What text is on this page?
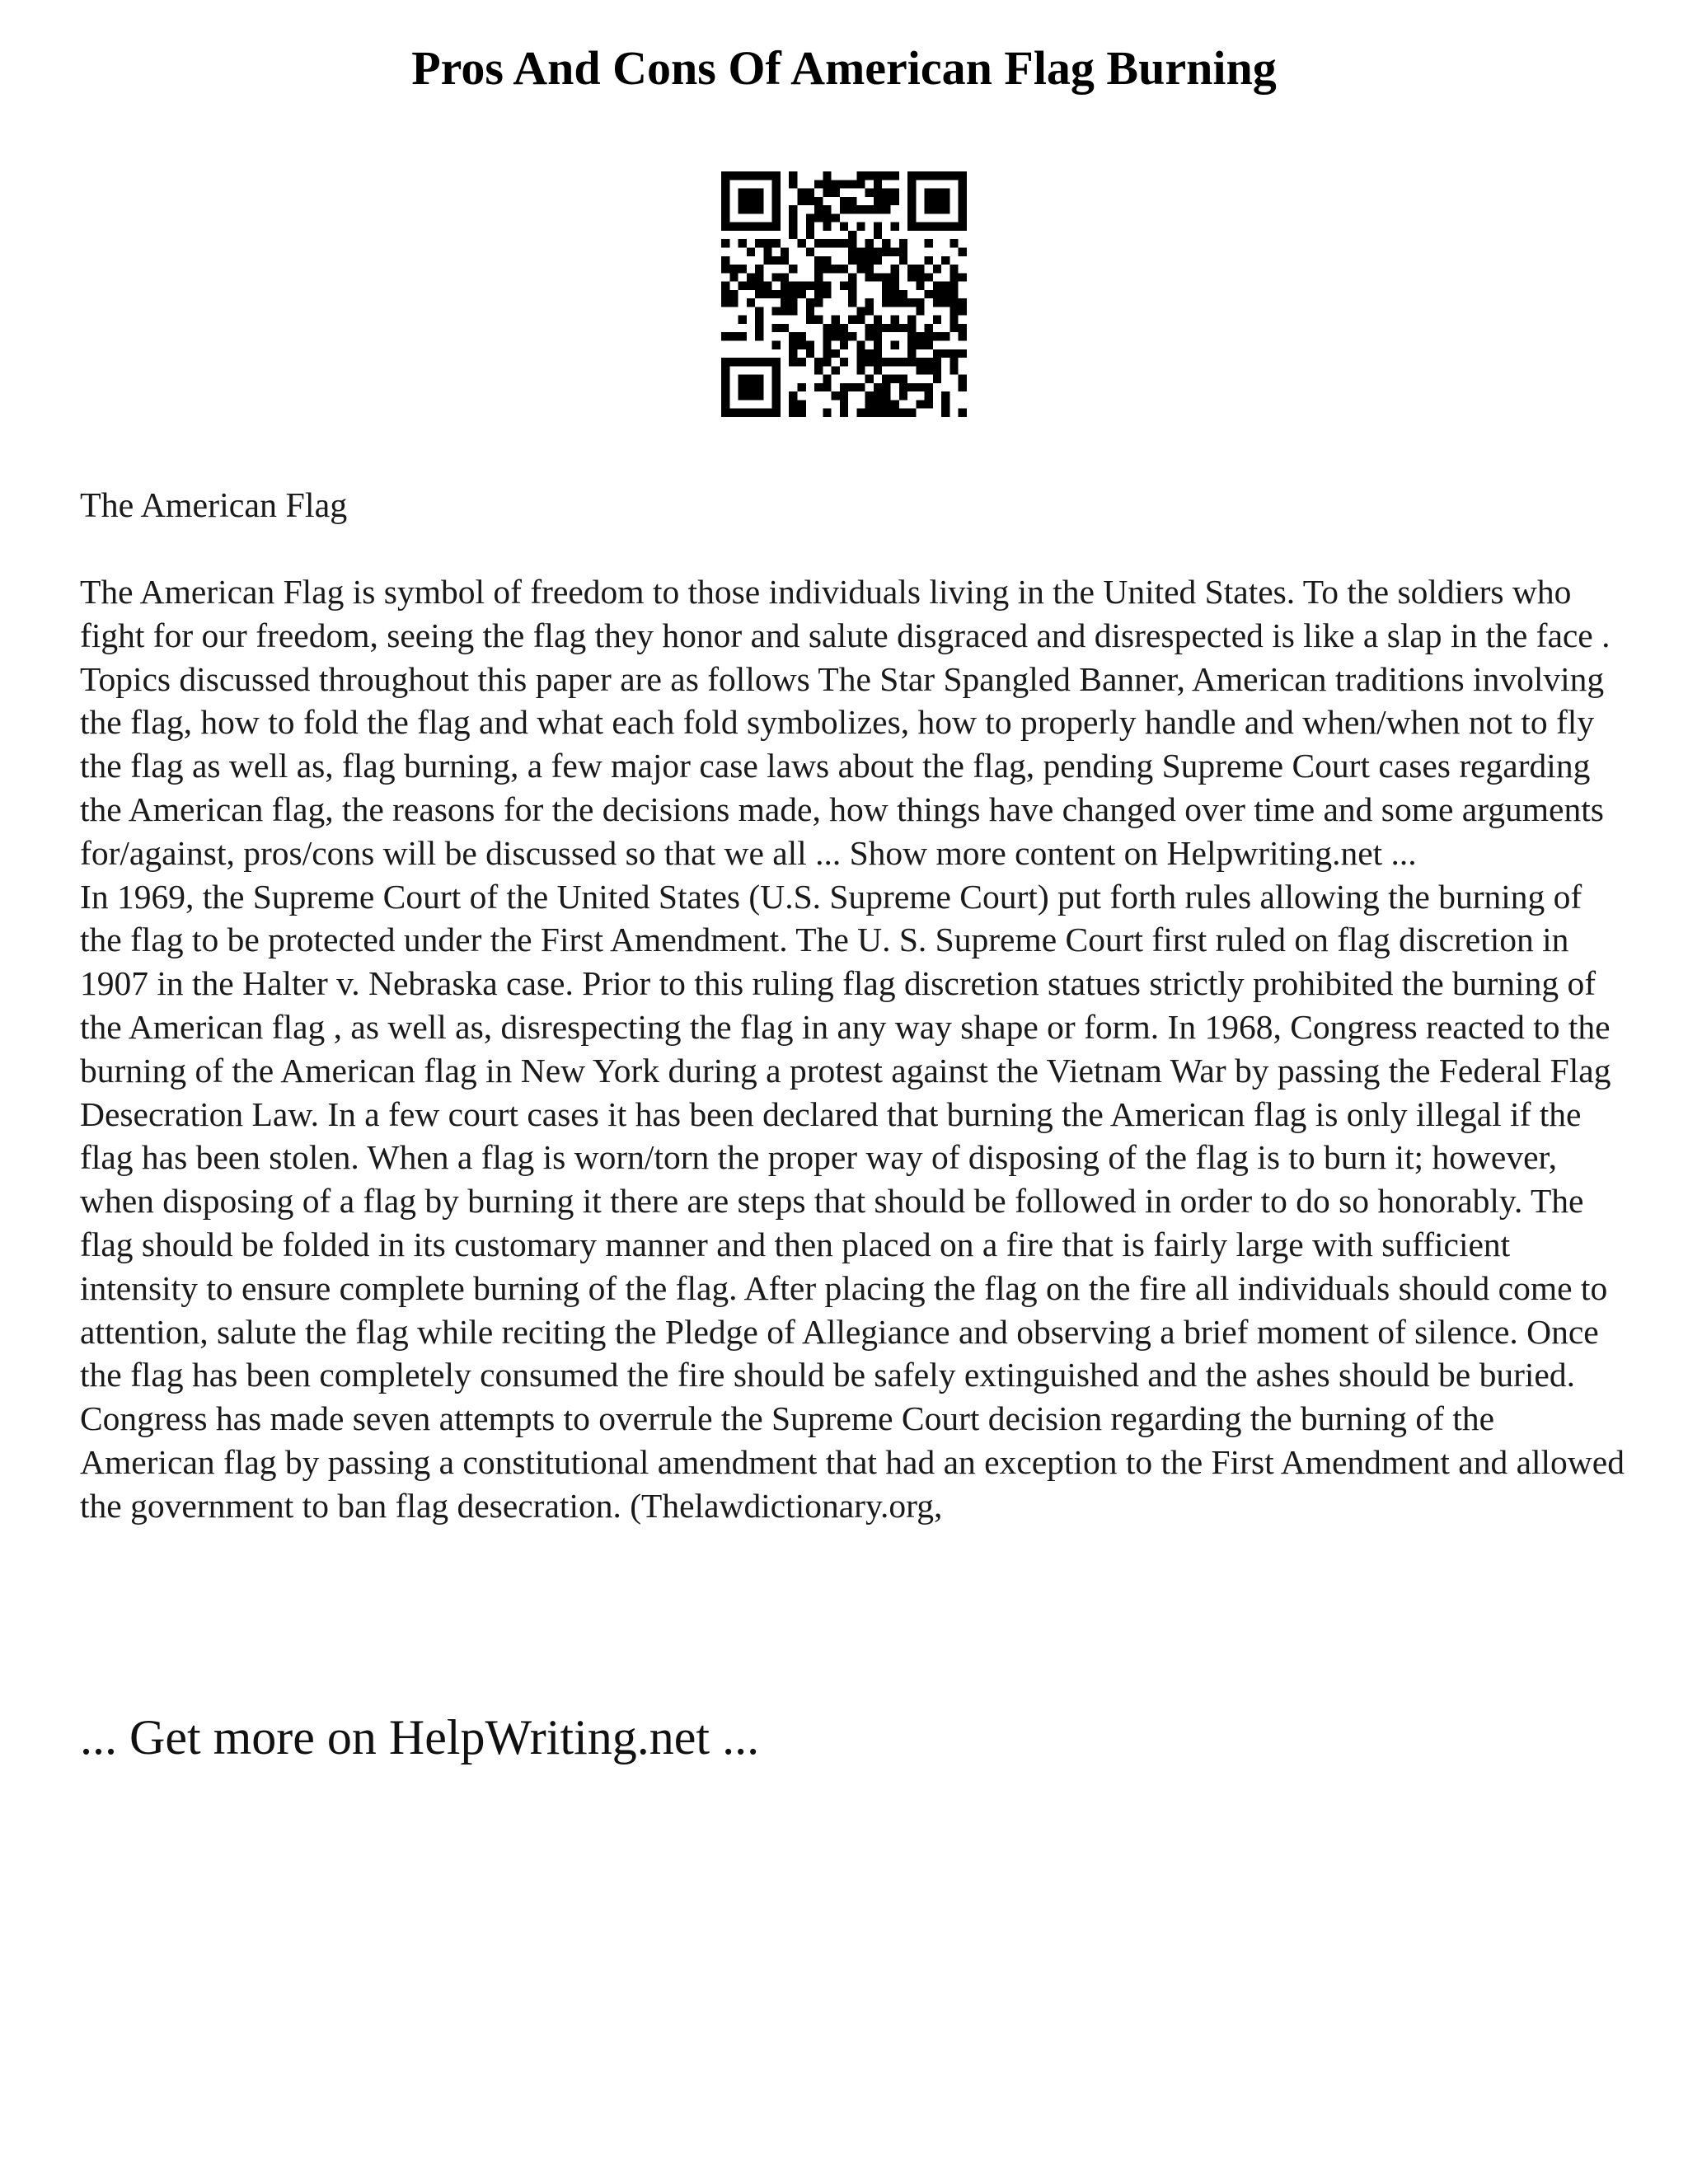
Pros And Cons Of American Flag Burning
The American Flag

The American Flag is symbol of freedom to those individuals living in the United States. To the soldiers who fight for our freedom, seeing the flag they honor and salute disgraced and disrespected is like a slap in the face . Topics discussed throughout this paper are as follows The Star Spangled Banner, American traditions involving the flag, how to fold the flag and what each fold symbolizes, how to properly handle and when/when not to fly the flag as well as, flag burning, a few major case laws about the flag, pending Supreme Court cases regarding the American flag, the reasons for the decisions made, how things have changed over time and some arguments for/against, pros/cons will be discussed so that we all ... Show more content on Helpwriting.net ...

In 1969, the Supreme Court of the United States (U.S. Supreme Court) put forth rules allowing the burning of the flag to be protected under the First Amendment. The U. S. Supreme Court first ruled on flag discretion in 1907 in the Halter v. Nebraska case. Prior to this ruling flag discretion statues strictly prohibited the burning of the American flag , as well as, disrespecting the flag in any way shape or form. In 1968, Congress reacted to the burning of the American flag in New York during a protest against the Vietnam War by passing the Federal Flag Desecration Law. In a few court cases it has been declared that burning the American flag is only illegal if the flag has been stolen. When a flag is worn/torn the proper way of disposing of the flag is to burn it; however, when disposing of a flag by burning it there are steps that should be followed in order to do so honorably. The flag should be folded in its customary manner and then placed on a fire that is fairly large with sufficient intensity to ensure complete burning of the flag. After placing the flag on the fire all individuals should come to attention, salute the flag while reciting the Pledge of Allegiance and observing a brief moment of silence. Once the flag has been completely consumed the fire should be safely extinguished and the ashes should be buried. Congress has made seven attempts to overrule the Supreme Court decision regarding the burning of the American flag by passing a constitutional amendment that had an exception to the First Amendment and allowed the government to ban flag desecration. (Thelawdictionary.org,

... Get more on HelpWriting.net ...
